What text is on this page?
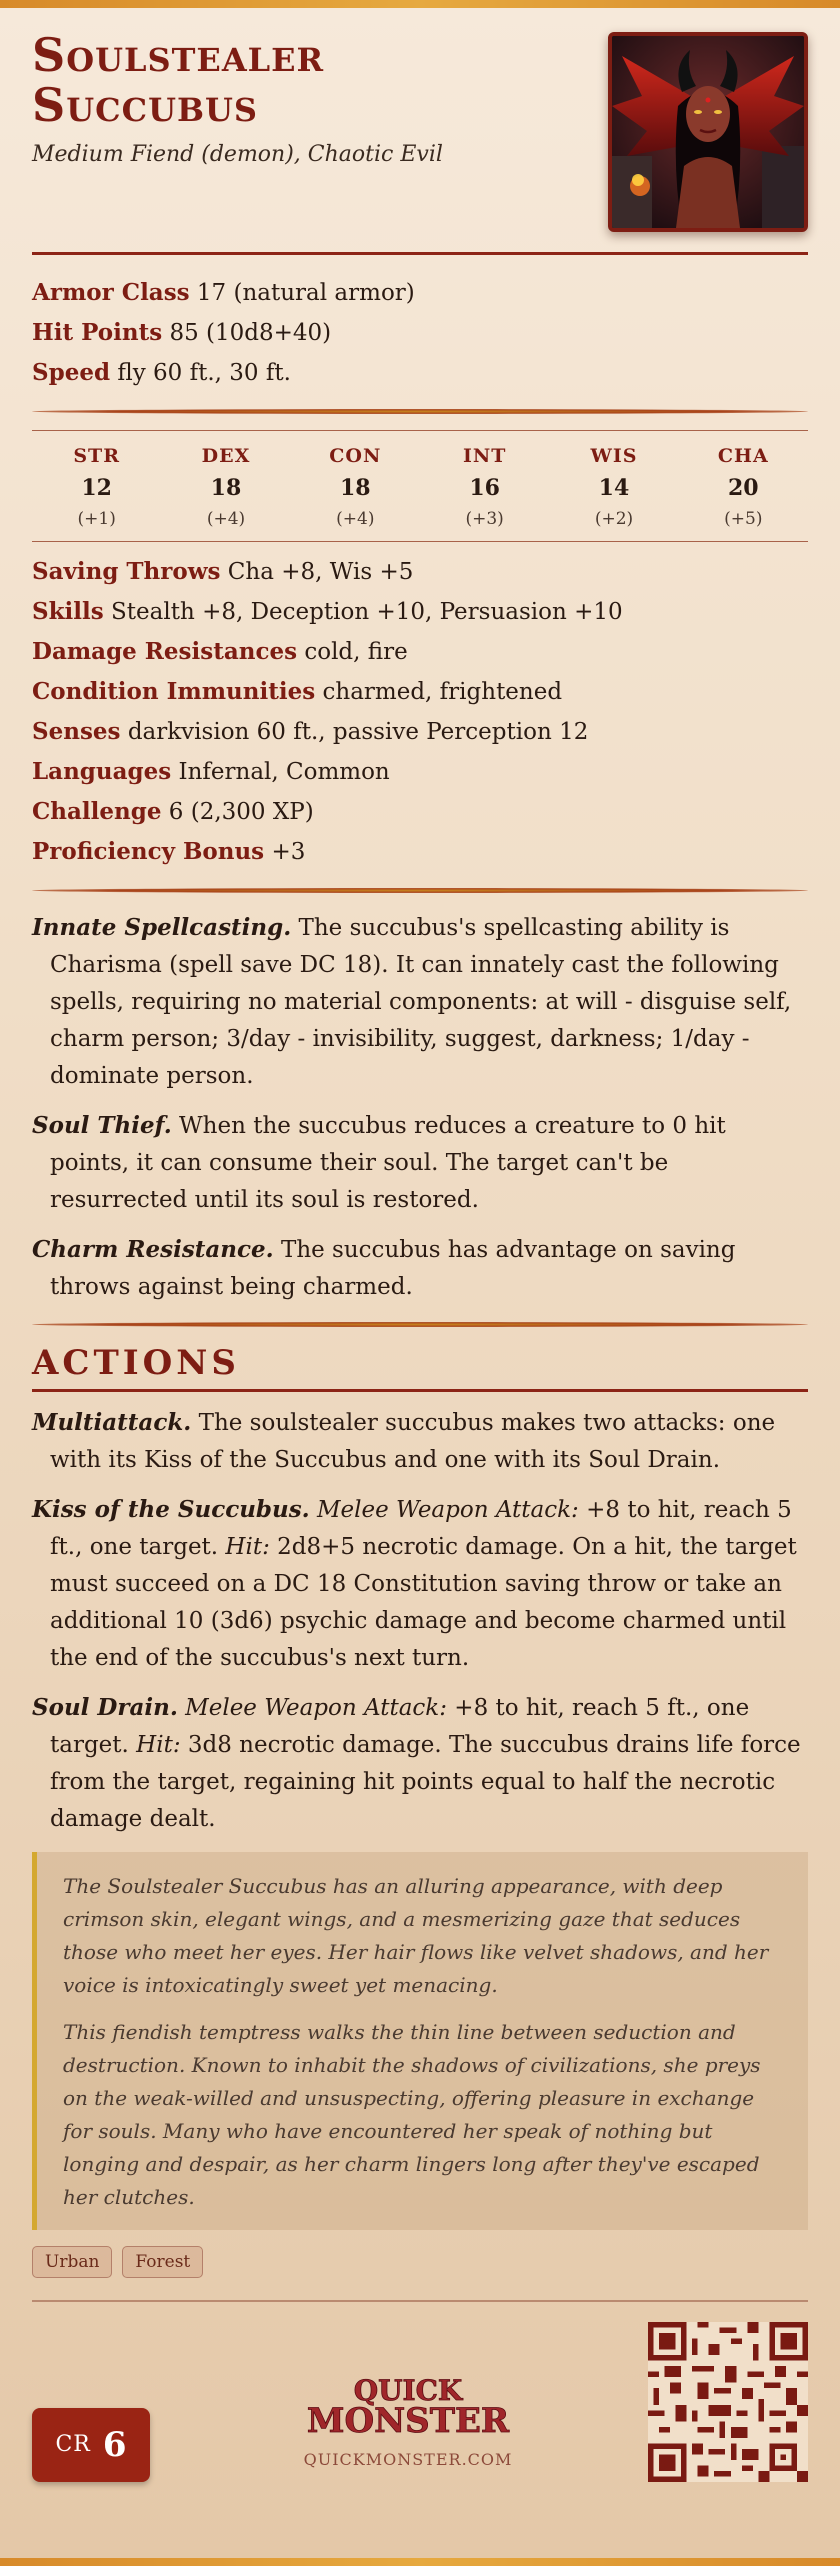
Soulstealer
Succubus
Medium Fiend (demon), Chaotic Evil
Armor Class 17 (natural armor)
Hit Points 85 (10d8+40)
Speed fly 60 ft., 30 ft.
STR
12
(+1)
DEX
18
(+4)
CON
18
(+4)
INT
16
(+3)
WIS
14
(+2)
CHA
20
(+5)
Saving Throws Cha +8, Wis +5
Skills Stealth +8, Deception +10, Persuasion +10
Damage Resistances cold, fire
Condition Immunities charmed, frightened
Senses darkvision 60 ft., passive Perception 12
Languages Infernal, Common
Challenge 6 (2,300 XP)
Proficiency Bonus +3
Innate Spellcasting. The succubus's spellcasting ability is Charisma (spell save DC 18). It can innately cast the following spells, requiring no material components: at will - disguise self, charm person; 3/day - invisibility, suggest, darkness; 1/day - dominate person.
Soul Thief. When the succubus reduces a creature to 0 hit points, it can consume their soul. The target can't be resurrected until its soul is restored.
Charm Resistance. The succubus has advantage on saving throws against being charmed.
ACTIONS
Multiattack. The soulstealer succubus makes two attacks: one with its Kiss of the Succubus and one with its Soul Drain.
Kiss of the Succubus. Melee Weapon Attack: +8 to hit, reach 5 ft., one target. Hit: 2d8+5 necrotic damage. On a hit, the target must succeed on a DC 18 Constitution saving throw or take an additional 10 (3d6) psychic damage and become charmed until the end of the succubus's next turn.
Soul Drain. Melee Weapon Attack: +8 to hit, reach 5 ft., one target. Hit: 3d8 necrotic damage. The succubus drains life force from the target, regaining hit points equal to half the necrotic damage dealt.

The Soulstealer Succubus has an alluring appearance, with deep crimson skin, elegant wings, and a mesmerizing gaze that seduces those who meet her eyes. Her hair flows like velvet shadows, and her voice is intoxicatingly sweet yet menacing.

This fiendish temptress walks the thin line between seduction and destruction. Known to inhabit the shadows of civilizations, she preys on the weak-willed and unsuspecting, offering pleasure in exchange for souls. Many who have encountered her speak of nothing but longing and despair, as her charm lingers long after they've escaped her clutches.

Urban	Forest
CR 6
QUICK
MONSTER
QUICKMONSTER.COM
